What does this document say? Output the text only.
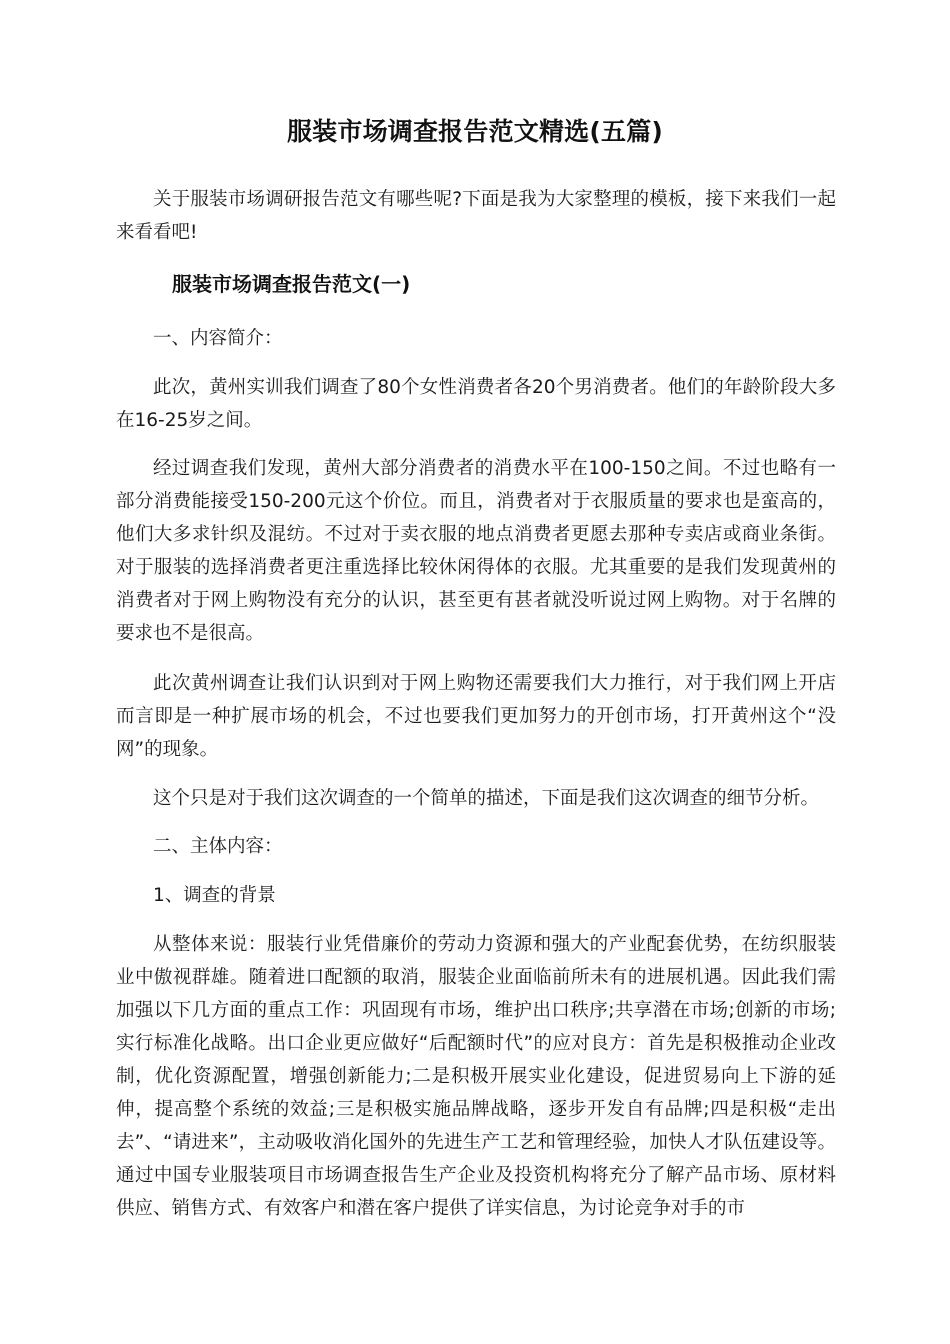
服装市场调查报告范文精选(五篇)

关于服装市场调研报告范文有哪些呢?下面是我为大家整理的模板，接下来我们一起来看看吧!

服装市场调查报告范文(一)

一、内容简介：

此次，黄州实训我们调查了80个女性消费者各20个男消费者。他们的年龄阶段大多在16-25岁之间。

经过调查我们发现，黄州大部分消费者的消费水平在100-150之间。不过也略有一部分消费能接受150-200元这个价位。而且，消费者对于衣服质量的要求也是蛮高的，他们大多求针织及混纺。不过对于卖衣服的地点消费者更愿去那种专卖店或商业条街。对于服装的选择消费者更注重选择比较休闲得体的衣服。尤其重要的是我们发现黄州的消费者对于网上购物没有充分的认识，甚至更有甚者就没听说过网上购物。对于名牌的要求也不是很高。

此次黄州调查让我们认识到对于网上购物还需要我们大力推行，对于我们网上开店而言即是一种扩展市场的机会，不过也要我们更加努力的开创市场，打开黄州这个“没网”的现象。

这个只是对于我们这次调查的一个简单的描述，下面是我们这次调查的细节分析。

二、主体内容：

1、调查的背景

从整体来说：服装行业凭借廉价的劳动力资源和强大的产业配套优势，在纺织服装业中傲视群雄。随着进口配额的取消，服装企业面临前所未有的进展机遇。因此我们需加强以下几方面的重点工作：巩固现有市场，维护出口秩序;共享潜在市场;创新的市场;实行标准化战略。出口企业更应做好“后配额时代”的应对良方：首先是积极推动企业改制，优化资源配置，增强创新能力;二是积极开展实业化建设，促进贸易向上下游的延伸，提高整个系统的效益;三是积极实施品牌战略，逐步开发自有品牌;四是积极“走出去”、“请进来”，主动吸收消化国外的先进生产工艺和管理经验，加快人才队伍建设等。通过中国专业服装项目市场调查报告生产企业及投资机构将充分了解产品市场、原材料供应、销售方式、有效客户和潜在客户提供了详实信息，为讨论竞争对手的市
